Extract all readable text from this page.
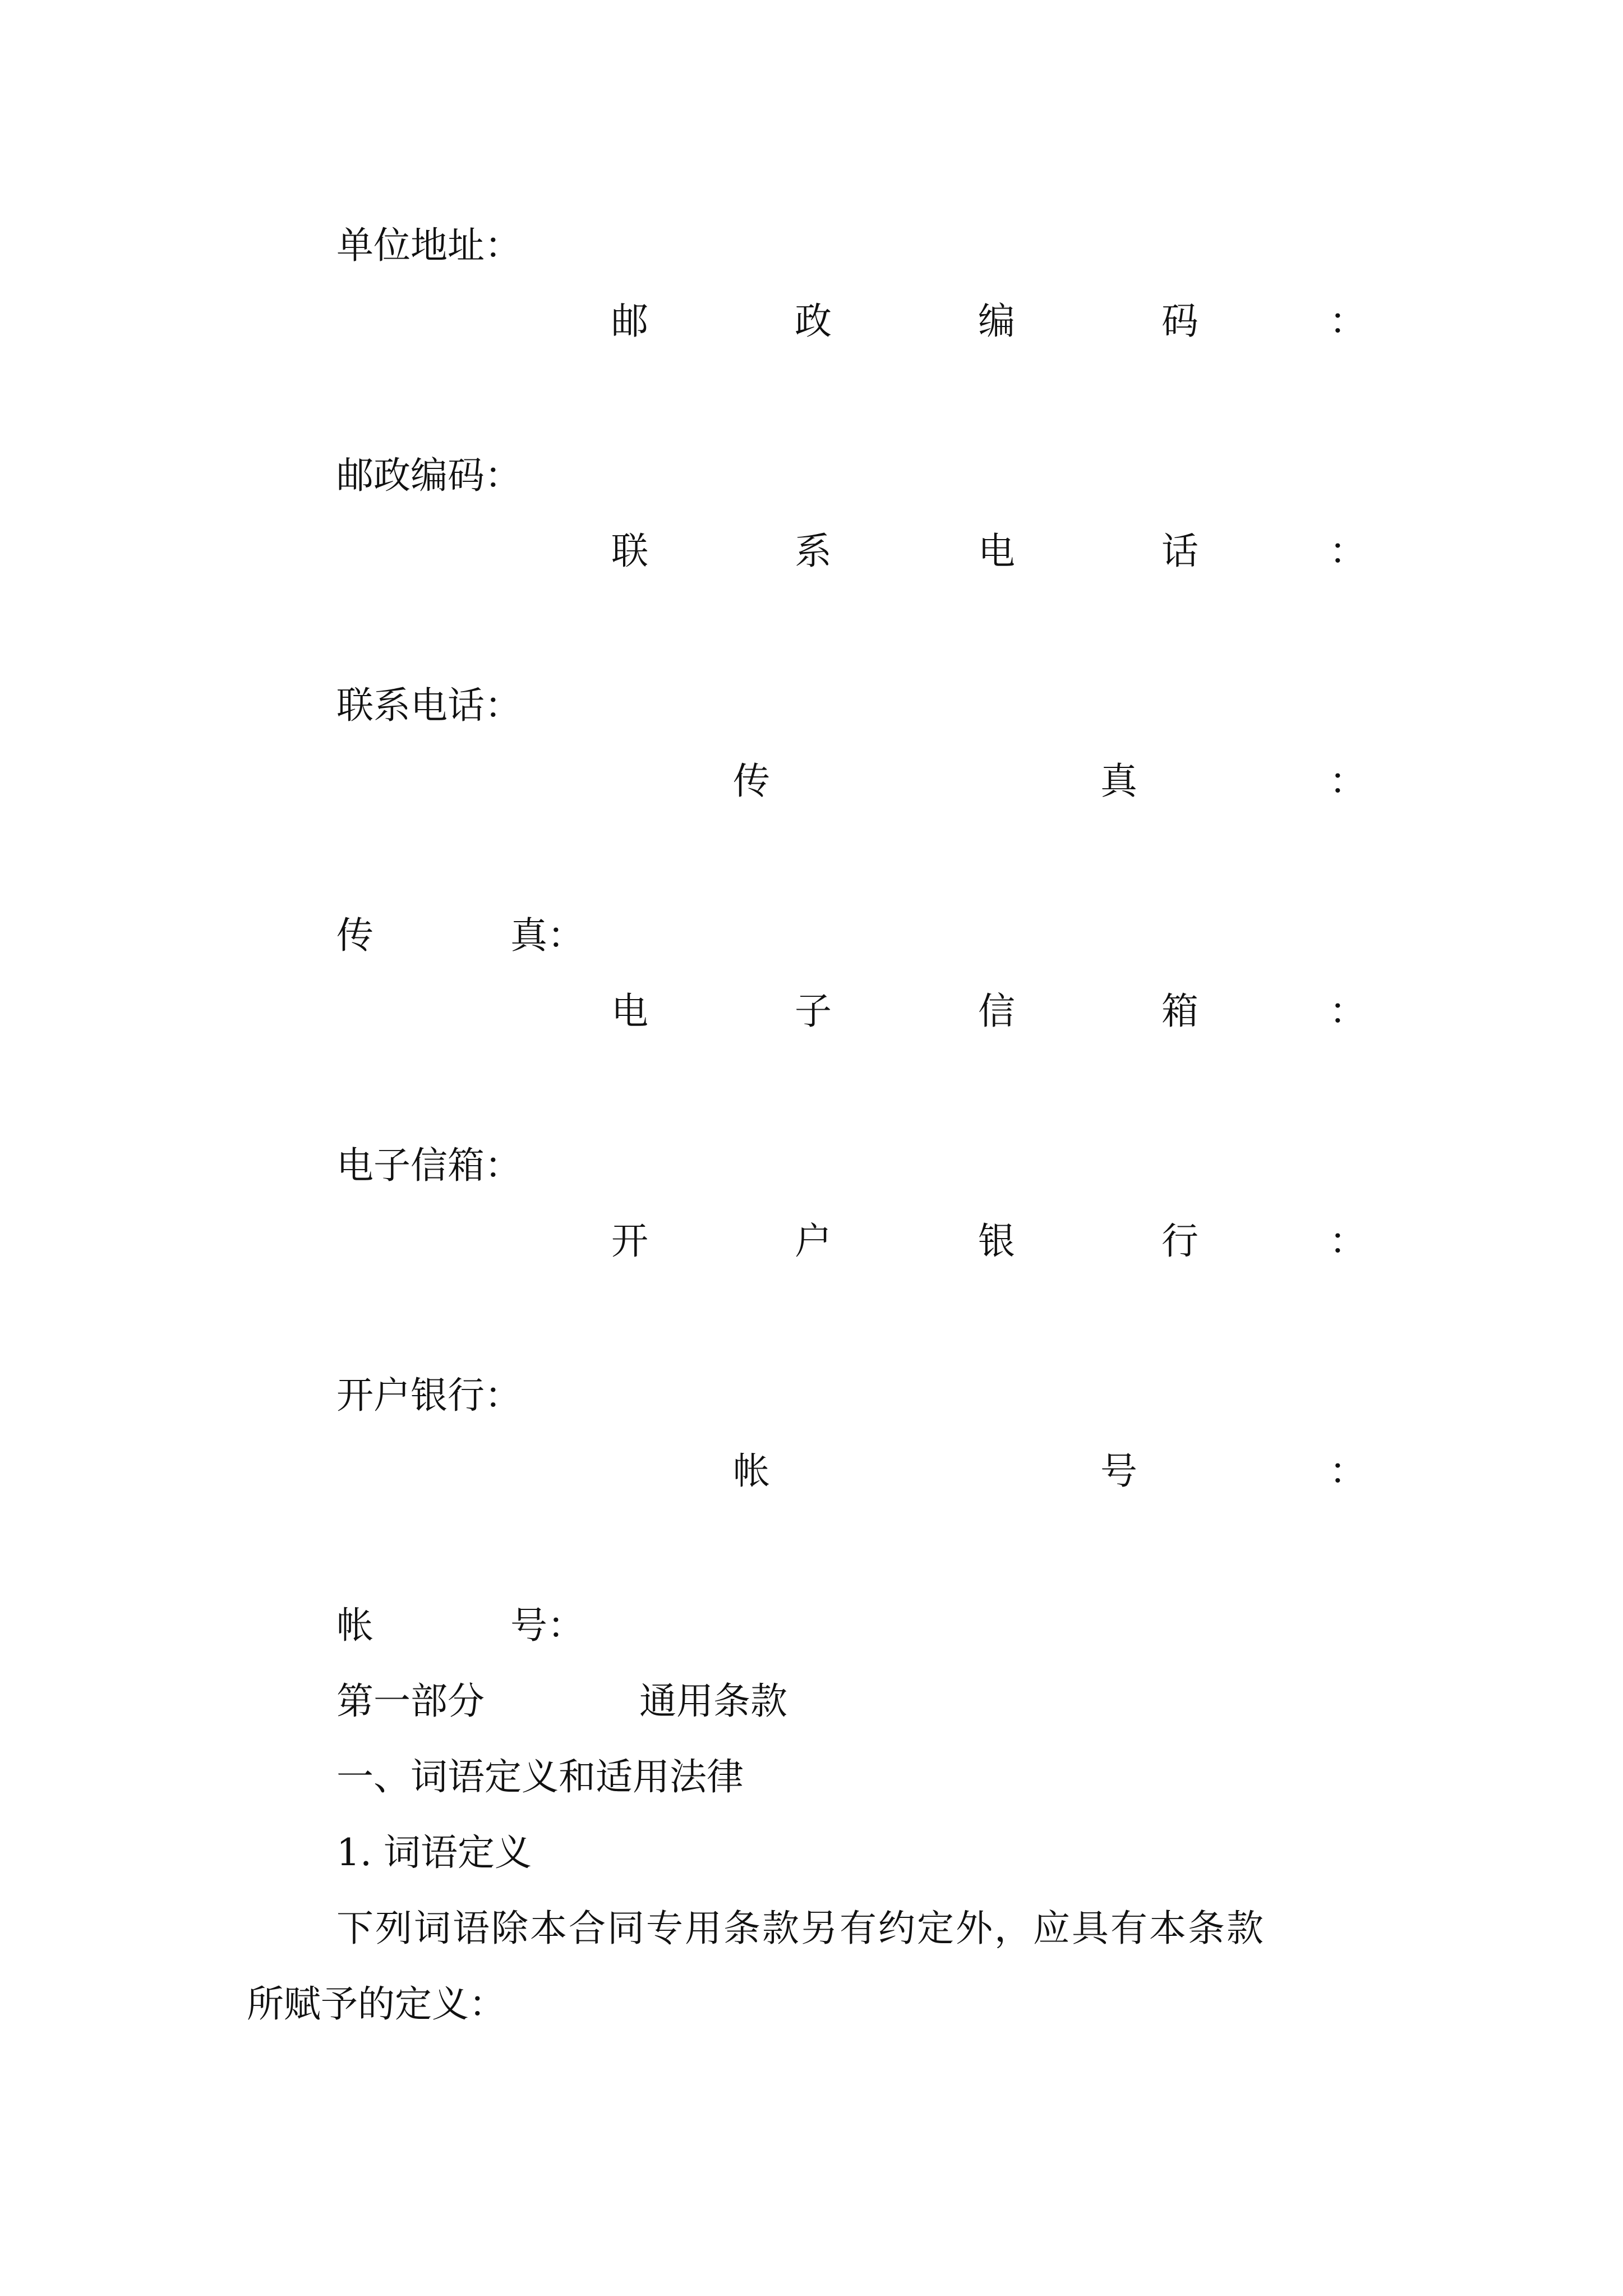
单位地址：
邮	政	编	码	：
邮政编码：
联	系	电	话	：
联系电话：
传	真	：
传	真：
电	子	信	箱	：
电子信箱：
开	户	银	行	：
开户银行：
帐	号	：
帐	号：
第一部分	通用条款
一、词语定义和适用法律
1. 词语定义
下列词语除本合同专用条款另有约定外，应具有本条款
所赋予的定义：
